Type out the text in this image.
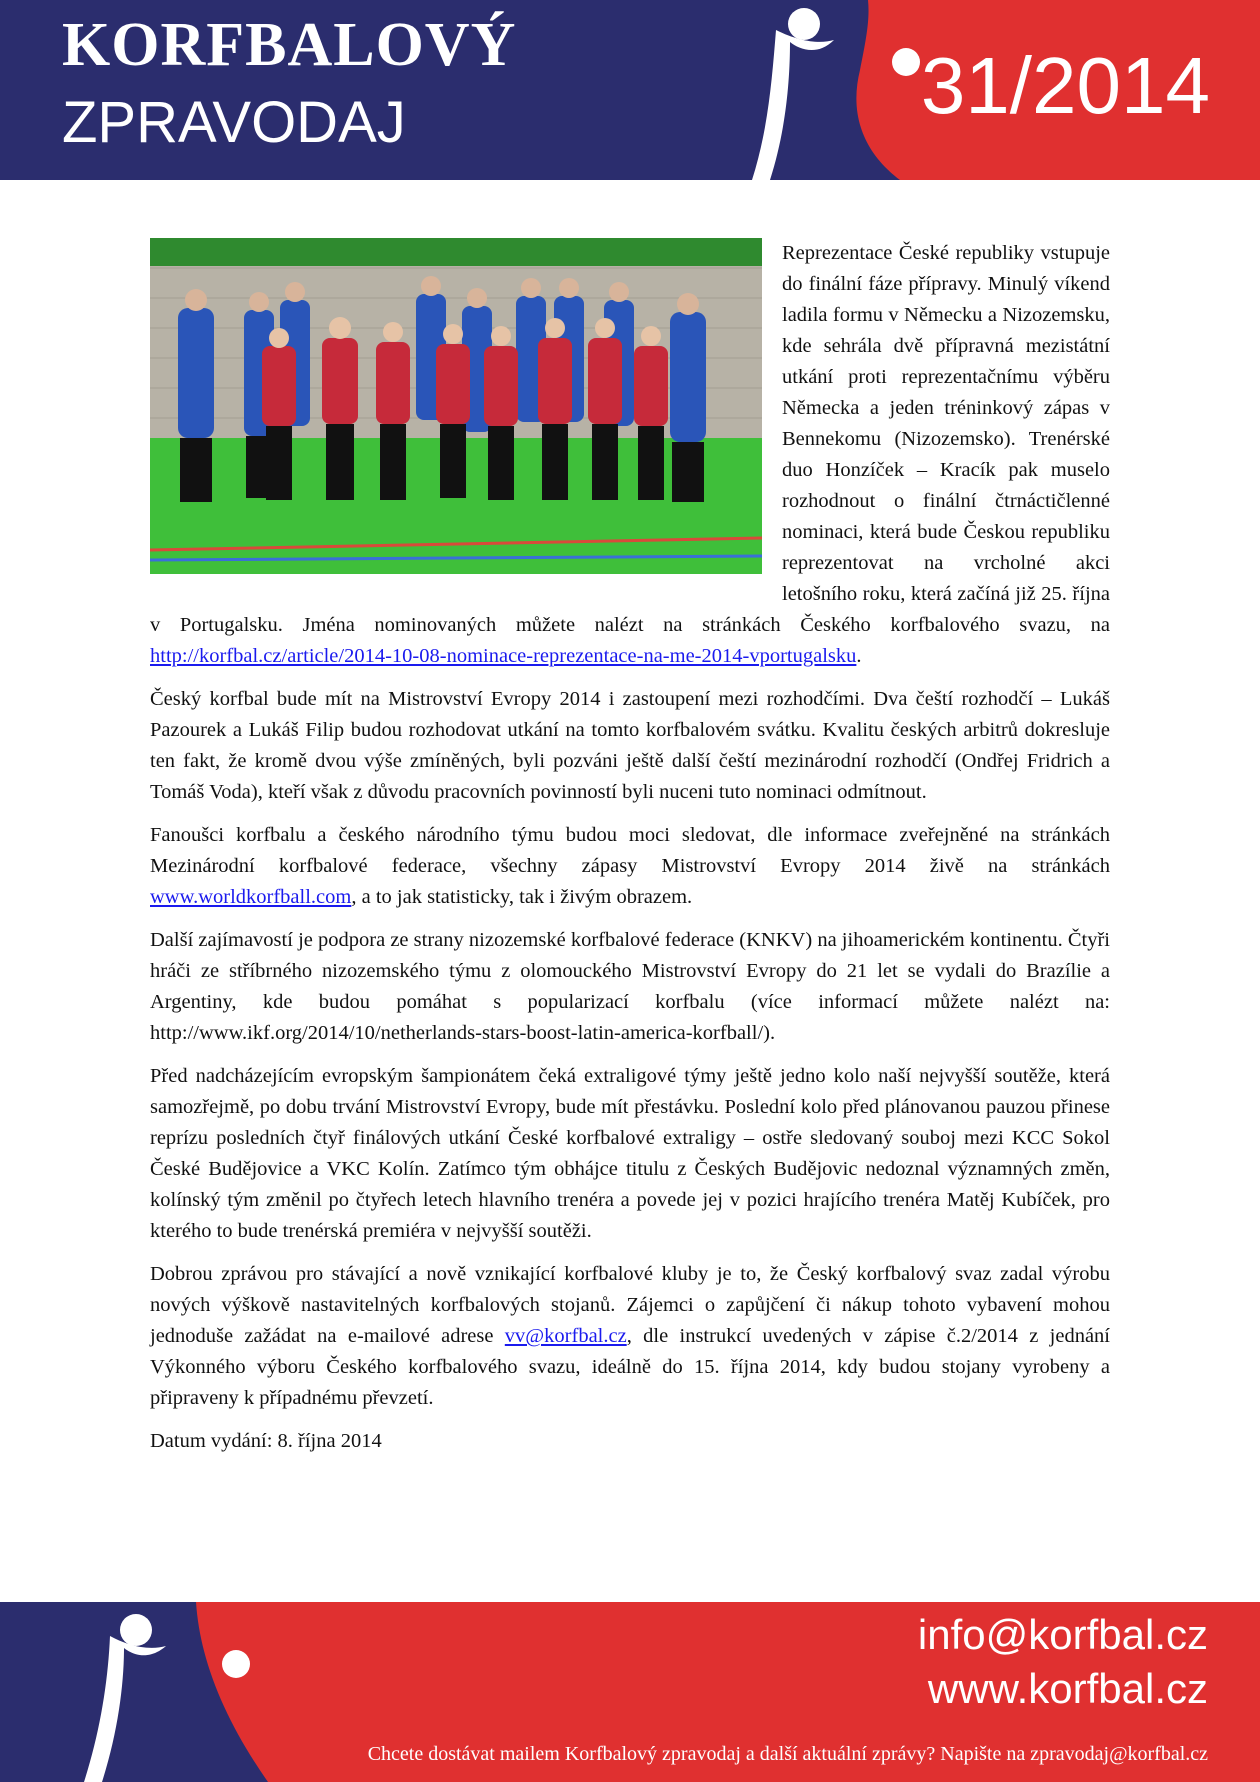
KORFBALOVÝ
ZPRAVODAJ	31/2014

Reprezentace České republiky vstupuje do finální fáze přípravy. Minulý víkend ladila formu v Německu a Nizozemsku, kde sehrála dvě přípravná mezistátní utkání proti reprezentačnímu výběru Německa a jeden tréninkový zápas v Bennekomu (Nizozemsko). Trenérské duo Honzíček – Kracík pak muselo rozhodnout o finální čtrnáctičlenné nominaci, která bude Českou republiku reprezentovat na vrcholné akci letošního roku, která začíná již 25. října v Portugalsku. Jména nominovaných můžete nalézt na stránkách Českého korfbalového svazu, na http://korfbal.cz/article/2014-10-08-nominace-reprezentace-na-me-2014-vportugalsku.

Český korfbal bude mít na Mistrovství Evropy 2014 i zastoupení mezi rozhodčími. Dva čeští rozhodčí – Lukáš Pazourek a Lukáš Filip budou rozhodovat utkání na tomto korfbalovém svátku. Kvalitu českých arbitrů dokresluje ten fakt, že kromě dvou výše zmíněných, byli pozváni ještě další čeští mezinárodní rozhodčí (Ondřej Fridrich a Tomáš Voda), kteří však z důvodu pracovních povinností byli nuceni tuto nominaci odmítnout.

Fanoušci korfbalu a českého národního týmu budou moci sledovat, dle informace zveřejněné na stránkách Mezinárodní korfbalové federace, všechny zápasy Mistrovství Evropy 2014 živě na stránkách www.worldkorfball.com, a to jak statisticky, tak i živým obrazem.

Další zajímavostí je podpora ze strany nizozemské korfbalové federace (KNKV) na jihoamerickém kontinentu. Čtyři hráči ze stříbrného nizozemského týmu z olomouckého Mistrovství Evropy do 21 let se vydali do Brazílie a Argentiny, kde budou pomáhat s popularizací korfbalu (více informací můžete nalézt na: http://www.ikf.org/2014/10/netherlands-stars-boost-latin-america-korfball/).

Před nadcházejícím evropským šampionátem čeká extraligové týmy ještě jedno kolo naší nejvyšší soutěže, která samozřejmě, po dobu trvání Mistrovství Evropy, bude mít přestávku. Poslední kolo před plánovanou pauzou přinese reprízu posledních čtyř finálových utkání České korfbalové extraligy – ostře sledovaný souboj mezi KCC Sokol České Budějovice a VKC Kolín. Zatímco tým obhájce titulu z Českých Budějovic nedoznal významných změn, kolínský tým změnil po čtyřech letech hlavního trenéra a povede jej v pozici hrajícího trenéra Matěj Kubíček, pro kterého to bude trenérská premiéra v nejvyšší soutěži.

Dobrou zprávou pro stávající a nově vznikající korfbalové kluby je to, že Český korfbalový svaz zadal výrobu nových výškově nastavitelných korfbalových stojanů. Zájemci o zapůjčení či nákup tohoto vybavení mohou jednoduše zažádat na e-mailové adrese vv@korfbal.cz, dle instrukcí uvedených v zápise č.2/2014 z jednání Výkonného výboru Českého korfbalového svazu, ideálně do 15. října 2014, kdy budou stojany vyrobeny a připraveny k případnému převzetí.

Datum vydání: 8. října 2014

info@korfbal.cz
www.korfbal.cz
Chcete dostávat mailem Korfbalový zpravodaj a další aktuální zprávy? Napište na zpravodaj@korfbal.cz
